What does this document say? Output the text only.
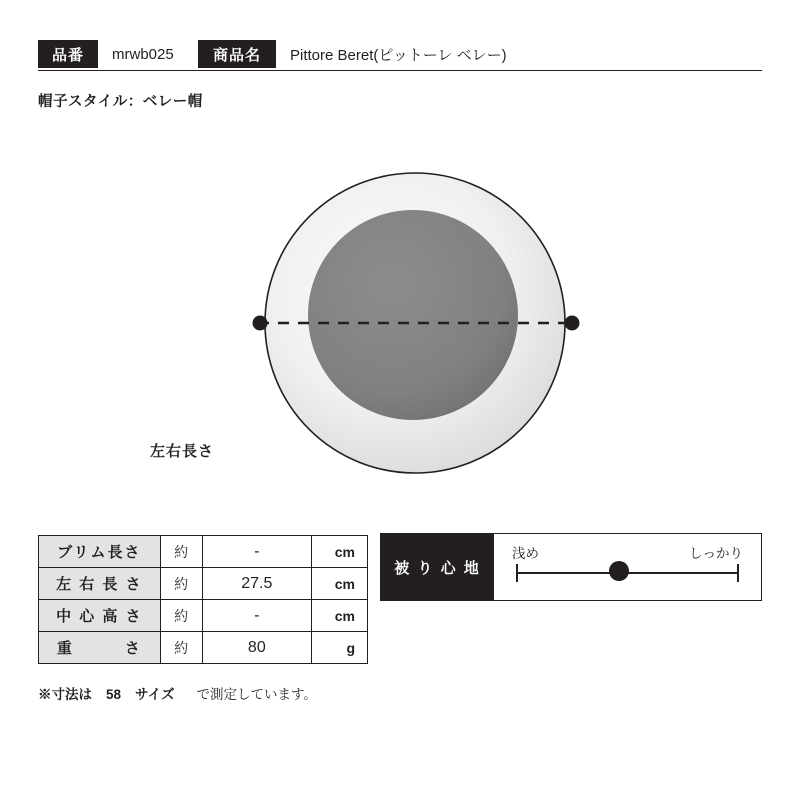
品番	mrwb025	商品名	Pittore Beret(ピットーレ ベレー)
帽子スタイル：ベレー帽
左右長さ
ブリム長さ	約	-	cm
左 右 長 さ	約	27.5	cm
中 心 高 さ	約	-	cm
重　　　さ	約	80	g
※寸法は	58	サイズ	で測定しています。
被 り 心 地
浅め	しっかり
